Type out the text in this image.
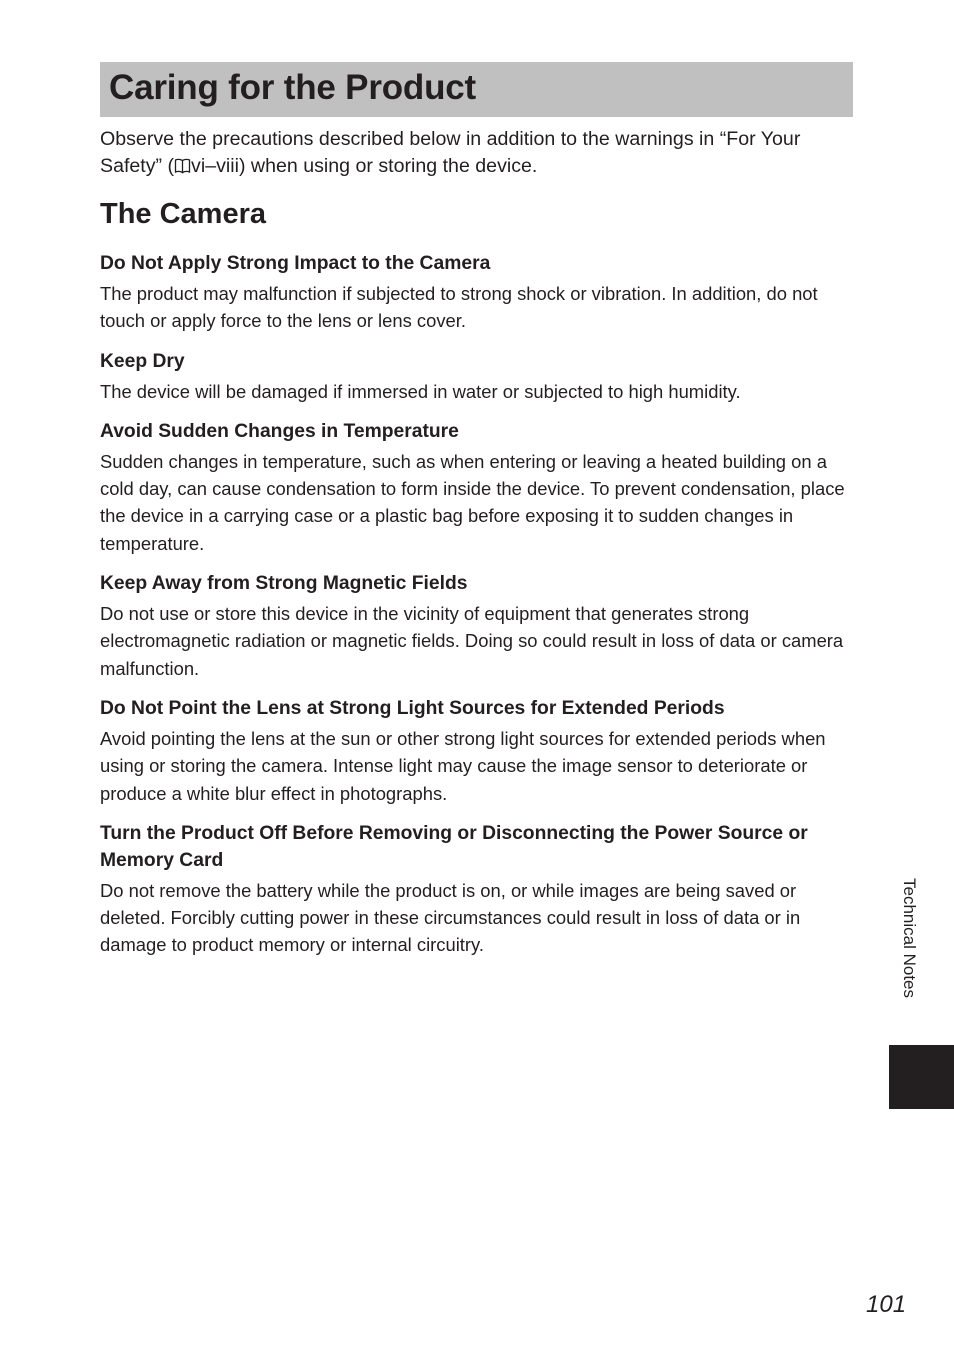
Caring for the Product

Observe the precautions described below in addition to the warnings in “For Your Safety” ( vi–viii) when using or storing the device.

The Camera
Do Not Apply Strong Impact to the Camera

The product may malfunction if subjected to strong shock or vibration. In addition, do not touch or apply force to the lens or lens cover.

Keep Dry

The device will be damaged if immersed in water or subjected to high humidity.

Avoid Sudden Changes in Temperature

Sudden changes in temperature, such as when entering or leaving a heated building on a cold day, can cause condensation to form inside the device. To prevent condensation, place the device in a carrying case or a plastic bag before exposing it to sudden changes in temperature.

Keep Away from Strong Magnetic Fields

Do not use or store this device in the vicinity of equipment that generates strong electromagnetic radiation or magnetic fields. Doing so could result in loss of data or camera malfunction.

Do Not Point the Lens at Strong Light Sources for Extended Periods

Avoid pointing the lens at the sun or other strong light sources for extended periods when using or storing the camera. Intense light may cause the image sensor to deteriorate or produce a white blur effect in photographs.

Turn the Product Off Before Removing or Disconnecting the Power Source or Memory Card

Do not remove the battery while the product is on, or while images are being saved or deleted. Forcibly cutting power in these circumstances could result in loss of data or in damage to product memory or internal circuitry.	Technical Notes
101
